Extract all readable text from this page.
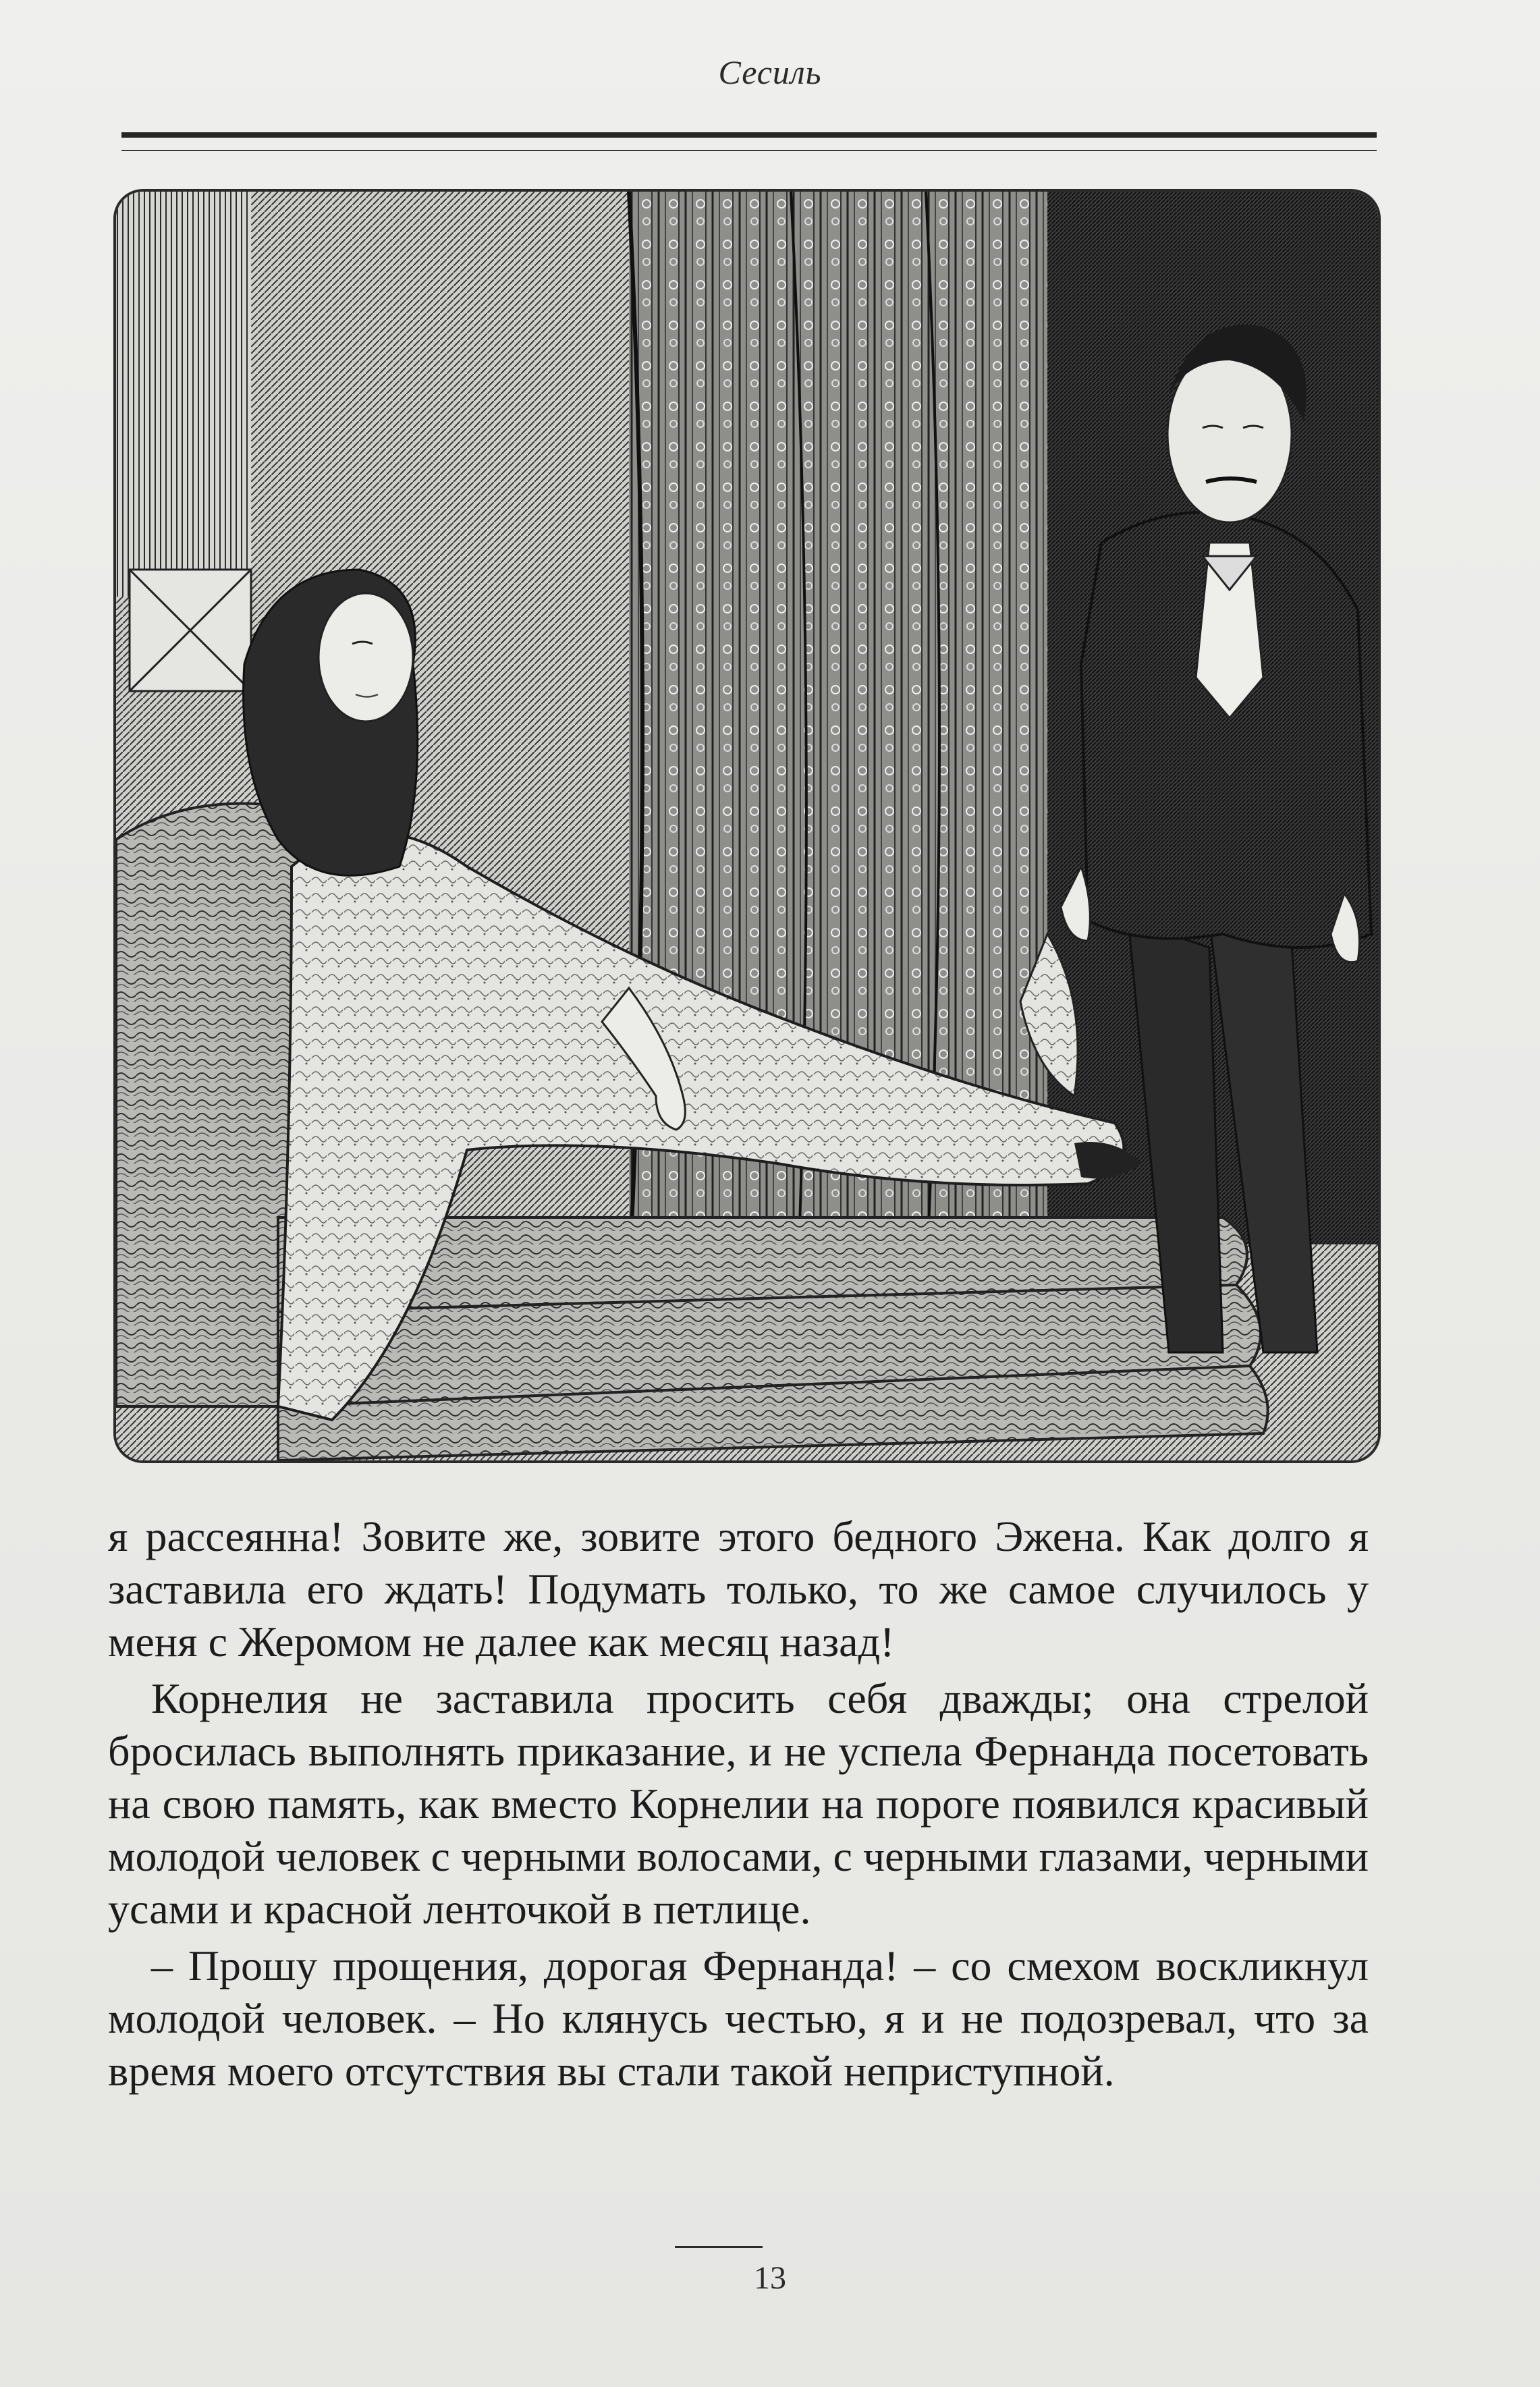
Сесиль

я рассеянна! Зовите же, зовите этого бедного Эжена. Как долго я заставила его ждать! Подумать только, то же самое случилось у меня с Жеромом не далее как месяц назад!

Корнелия не заставила просить себя дважды; она стрелой бросилась выполнять приказание, и не успела Фернанда посетовать на свою память, как вместо Корнелии на пороге появился красивый молодой человек с черными волосами, с черными глазами, черными усами и красной ленточкой в петлице.

– Прошу прощения, дорогая Фернанда! – со смехом воскликнул молодой человек. – Но клянусь честью, я и не подозревал, что за время моего отсутствия вы стали такой неприступной.

13
